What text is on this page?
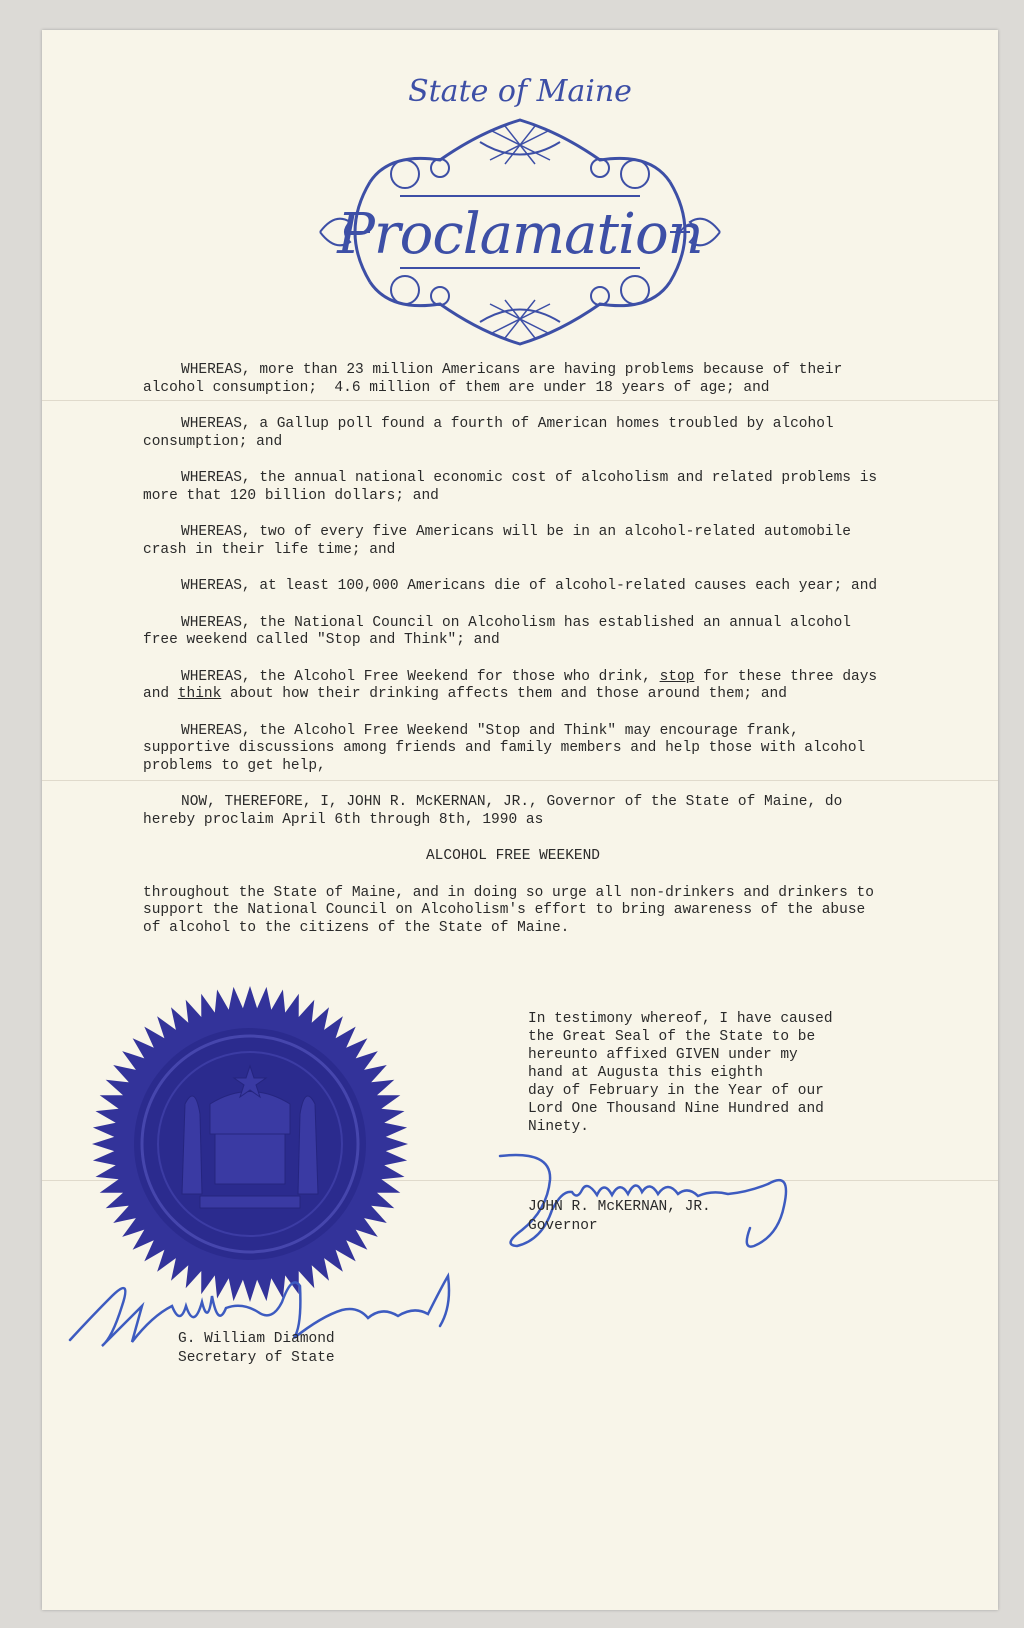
State of Maine
Proclamation

WHEREAS, more than 23 million Americans are having problems because of their alcohol consumption;  4.6 million of them are under 18 years of age; and

WHEREAS, a Gallup poll found a fourth of American homes troubled by alcohol consumption; and

WHEREAS, the annual national economic cost of alcoholism and related problems is more that 120 billion dollars; and

WHEREAS, two of every five Americans will be in an alcohol-related automobile crash in their life time; and

WHEREAS, at least 100,000 Americans die of alcohol-related causes each year; and

WHEREAS, the National Council on Alcoholism has established an annual alcohol free weekend called "Stop and Think"; and

WHEREAS, the Alcohol Free Weekend for those who drink, stop for these three days and think about how their drinking affects them and those around them; and

WHEREAS, the Alcohol Free Weekend "Stop and Think" may encourage frank, supportive discussions among friends and family members and help those with alcohol problems to get help,

NOW, THEREFORE, I, JOHN R. McKERNAN, JR., Governor of the State of Maine, do hereby proclaim April 6th through 8th, 1990 as

ALCOHOL FREE WEEKEND

throughout the State of Maine, and in doing so urge all non-drinkers and drinkers to support the National Council on Alcoholism's effort to bring awareness of the abuse of alcohol to the citizens of the State of Maine.

In testimony whereof, I have caused
the Great Seal of the State to be
hereunto affixed GIVEN under my
hand at Augusta this eighth
day of February in the Year of our
Lord One Thousand Nine Hundred and
Ninety.
JOHN R. McKERNAN, JR.
Governor
G. William Diamond
Secretary of State
